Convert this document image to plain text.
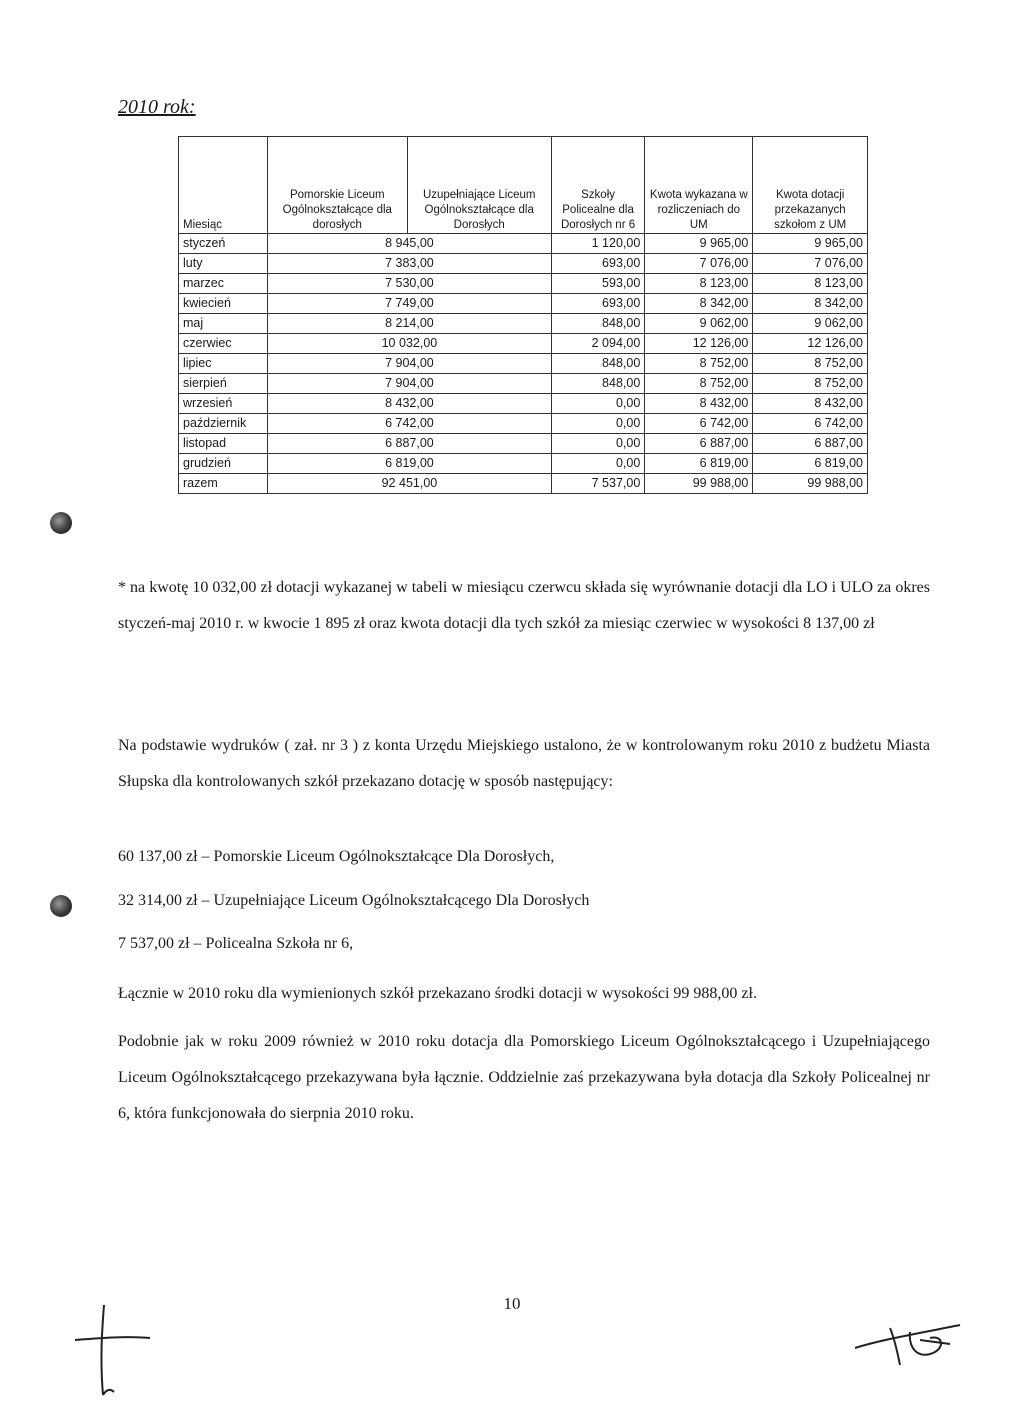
2010 rok:
Miesiąc	Pomorskie Liceum Ogólnokształcące dla dorosłych	Uzupełniające Liceum Ogólnokształcące dla Dorosłych	Szkoły Policealne dla Dorosłych nr 6	Kwota wykazana w rozliczeniach do UM	Kwota dotacji przekazanych szkołom z UM
styczeń	8 945,00		1 120,00	9 965,00	9 965,00
luty	7 383,00		693,00	7 076,00	7 076,00
marzec	7 530,00		593,00	8 123,00	8 123,00
kwiecień	7 749,00		693,00	8 342,00	8 342,00
maj	8 214,00		848,00	9 062,00	9 062,00
czerwiec	10 032,00		2 094,00	12 126,00	12 126,00
lipiec	7 904,00		848,00	8 752,00	8 752,00
sierpień	7 904,00		848,00	8 752,00	8 752,00
wrzesień	8 432,00		0,00	8 432,00	8 432,00
październik	6 742,00		0,00	6 742,00	6 742,00
listopad	6 887,00		0,00	6 887,00	6 887,00
grudzień	6 819,00		0,00	6 819,00	6 819,00
razem	92 451,00		7 537,00	99 988,00	99 988,00
* na kwotę 10 032,00 zł dotacji wykazanej w tabeli w miesiącu czerwcu składa się wyrównanie dotacji dla LO i ULO za okres styczeń-maj 2010 r. w kwocie 1 895 zł oraz kwota dotacji dla tych szkół za miesiąc czerwiec w wysokości 8 137,00 zł
Na podstawie wydruków ( zał. nr 3 ) z konta Urzędu Miejskiego ustalono, że w kontrolowanym roku 2010 z budżetu Miasta Słupska dla kontrolowanych szkół przekazano dotację w sposób następujący:
60 137,00 zł – Pomorskie Liceum Ogólnokształcące Dla Dorosłych,
32 314,00 zł – Uzupełniające Liceum Ogólnokształcącego Dla Dorosłych
7 537,00 zł – Policealna Szkoła nr 6,
Łącznie w 2010 roku dla wymienionych szkół przekazano środki dotacji w wysokości 99 988,00 zł.
Podobnie jak w roku 2009 również w 2010 roku dotacja dla Pomorskiego Liceum Ogólnokształcącego i Uzupełniającego Liceum Ogólnokształcącego przekazywana była łącznie. Oddzielnie zaś przekazywana była dotacja dla Szkoły Policealnej nr 6, która funkcjonowała do sierpnia 2010 roku.
10
